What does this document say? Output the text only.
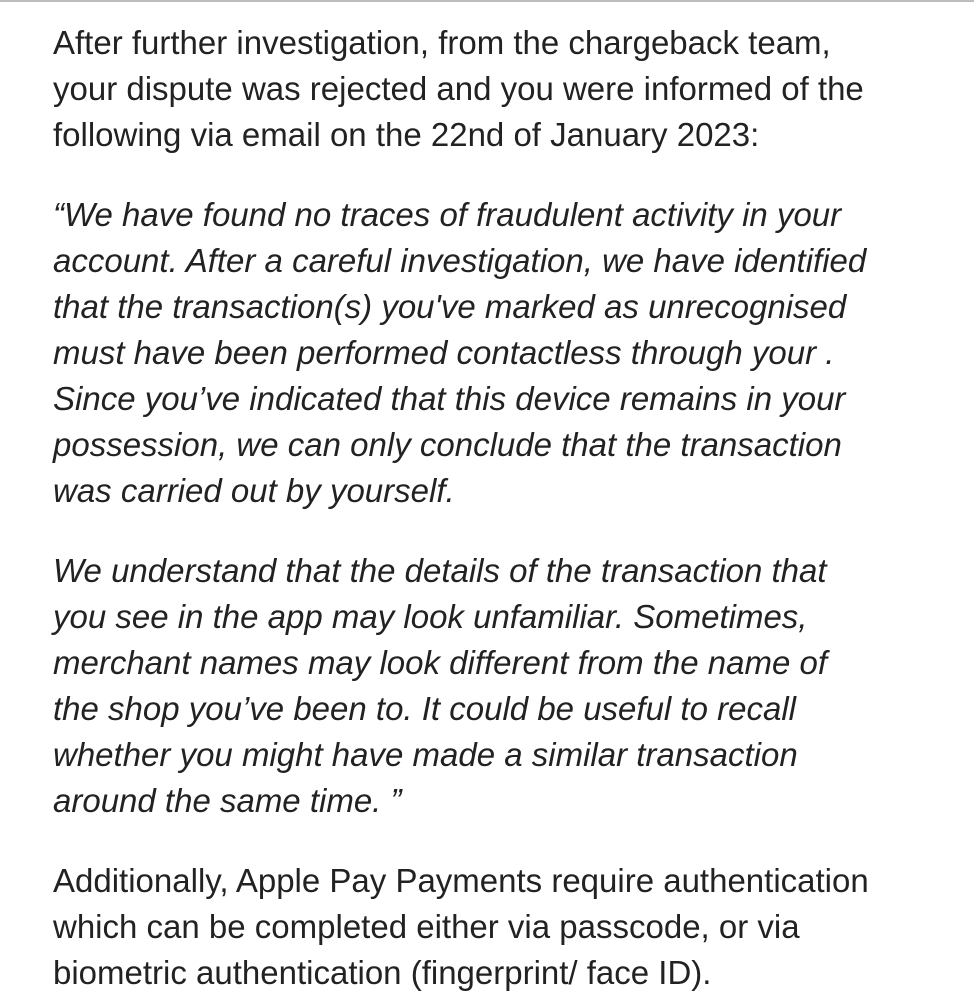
After further investigation, from the chargeback team,
your dispute was rejected and you were informed of the
following via email on the 22nd of January 2023:

“We have found no traces of fraudulent activity in your
account. After a careful investigation, we have identified
that the transaction(s) you've marked as unrecognised
must have been performed contactless through your .
Since you’ve indicated that this device remains in your
possession, we can only conclude that the transaction
was carried out by yourself.

We understand that the details of the transaction that
you see in the app may look unfamiliar. Sometimes,
merchant names may look different from the name of
the shop you’ve been to. It could be useful to recall
whether you might have made a similar transaction
around the same time. ”

Additionally, Apple Pay Payments require authentication
which can be completed either via passcode, or via
biometric authentication (fingerprint/ face ID).
